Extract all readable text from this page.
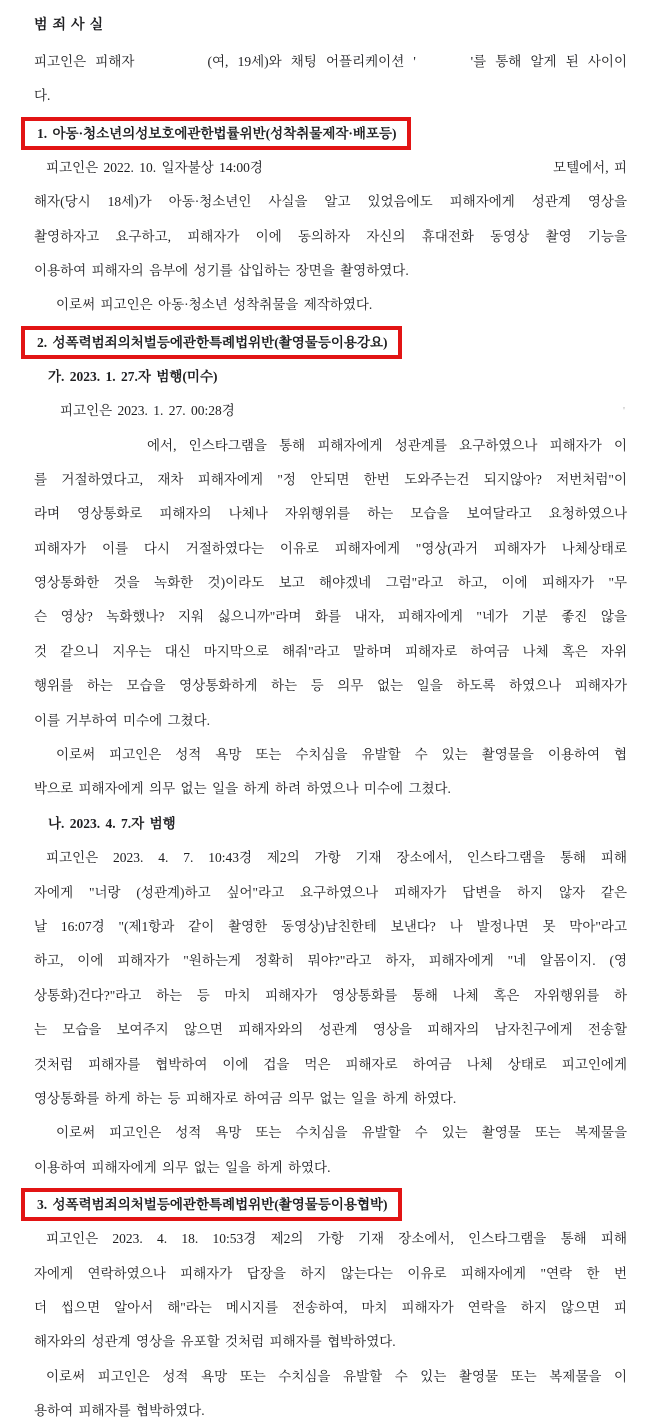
범죄사실
피고인은 피해자        (여, 19세)와 채팅 어플리케이션 '      '를 통해 알게 된 사이이
다.
1. 아동·청소년의성보호에관한법률위반(성착취물제작·배포등)
피고인은 2022. 10. 일자불상 14:00경	모텔에서, 피
해자(당시 18세)가 아동·청소년인 사실을 알고 있었음에도 피해자에게 성관계 영상을
촬영하자고 요구하고, 피해자가 이에 동의하자 자신의 휴대전화 동영상 촬영 기능을
이용하여 피해자의 음부에 성기를 삽입하는 장면을 촬영하였다.
이로써 피고인은 아동·청소년 성착취물을 제작하였다.
2. 성폭력범죄의처벌등에관한특례법위반(촬영물등이용강요)
가. 2023. 1. 27.자 범행(미수)
피고인은 2023. 1. 27. 00:28경	'
에서, 인스타그램을 통해 피해자에게 성관계를 요구하였으나 피해자가 이
를 거절하였다고, 재차 피해자에게 "정 안되면 한번 도와주는건 되지않아? 저번처럼"이
라며 영상통화로 피해자의 나체나 자위행위를 하는 모습을 보여달라고 요청하였으나
피해자가 이를 다시 거절하였다는 이유로 피해자에게 "영상(과거 피해자가 나체상태로
영상통화한 것을 녹화한 것)이라도 보고 해야겠네 그럼"라고 하고, 이에 피해자가 "무
슨 영상? 녹화했나? 지워 싫으니까"라며 화를 내자, 피해자에게 "네가 기분 좋진 않을
것 같으니 지우는 대신 마지막으로 해줘"라고 말하며 피해자로 하여금 나체 혹은 자위
행위를 하는 모습을 영상통화하게 하는 등 의무 없는 일을 하도록 하였으나 피해자가
이를 거부하여 미수에 그쳤다.
이로써 피고인은 성적 욕망 또는 수치심을 유발할 수 있는 촬영물을 이용하여 협
박으로 피해자에게 의무 없는 일을 하게 하려 하였으나 미수에 그쳤다.
나. 2023. 4. 7.자 범행
피고인은 2023. 4. 7. 10:43경 제2의 가항 기재 장소에서, 인스타그램을 통해 피해
자에게 "너랑 (성관계)하고 싶어"라고 요구하였으나 피해자가 답변을 하지 않자 같은
날 16:07경 "(제1항과 같이 촬영한 동영상)남친한테 보낸다? 나 발정나면 못 막아"라고
하고, 이에 피해자가 "원하는게 정확히 뭐야?"라고 하자, 피해자에게 "네 알몸이지. (영
상통화)건다?"라고 하는 등 마치 피해자가 영상통화를 통해 나체 혹은 자위행위를 하
는 모습을 보여주지 않으면 피해자와의 성관계 영상을 피해자의 남자친구에게 전송할
것처럼 피해자를 협박하여 이에 겁을 먹은 피해자로 하여금 나체 상태로 피고인에게
영상통화를 하게 하는 등 피해자로 하여금 의무 없는 일을 하게 하였다.
이로써 피고인은 성적 욕망 또는 수치심을 유발할 수 있는 촬영물 또는 복제물을
이용하여 피해자에게 의무 없는 일을 하게 하였다.
3. 성폭력범죄의처벌등에관한특례법위반(촬영물등이용협박)
피고인은 2023. 4. 18. 10:53경 제2의 가항 기재 장소에서, 인스타그램을 통해 피해
자에게 연락하였으나 피해자가 답장을 하지 않는다는 이유로 피해자에게 "연락 한 번
더 씹으면 알아서 해"라는 메시지를 전송하여, 마치 피해자가 연락을 하지 않으면 피
해자와의 성관계 영상을 유포할 것처럼 피해자를 협박하였다.
이로써 피고인은 성적 욕망 또는 수치심을 유발할 수 있는 촬영물 또는 복제물을 이
용하여 피해자를 협박하였다.
